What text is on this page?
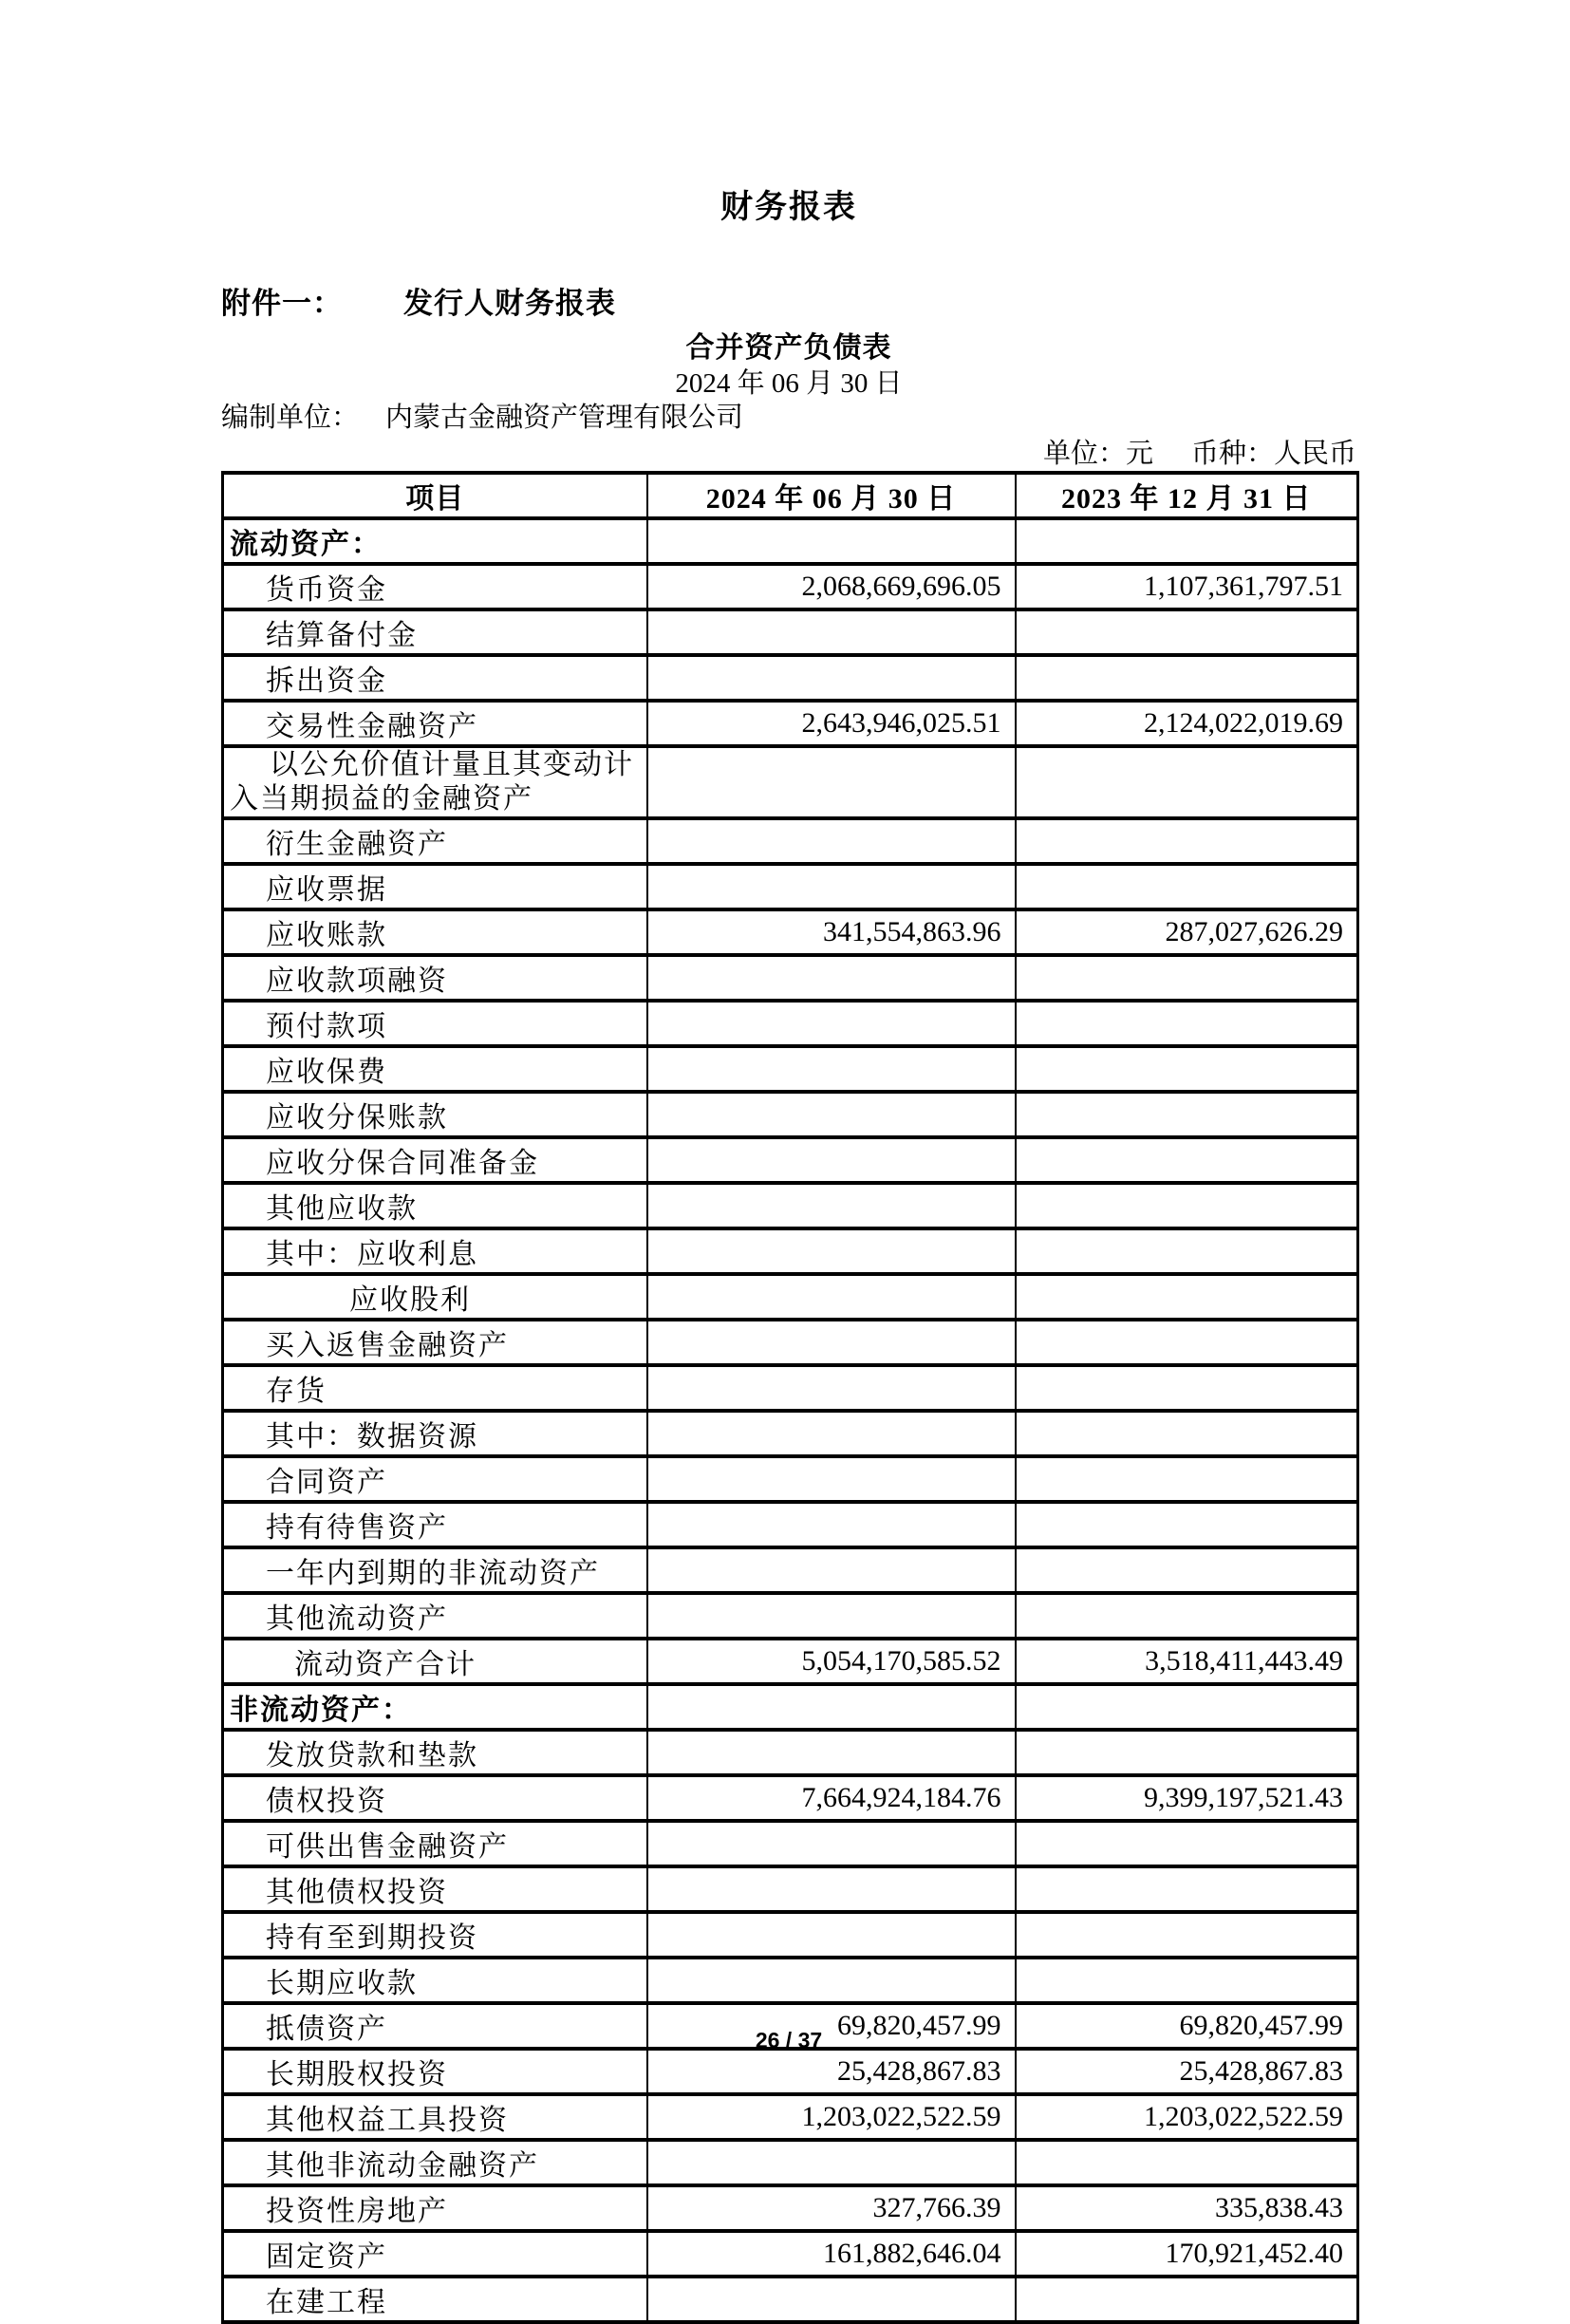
财务报表
附件一： 发行人财务报表
合并资产负债表
2024 年 06 月 30 日
编制单位： 内蒙古金融资产管理有限公司
单位：元 币种：人民币
项目	2024 年 06 月 30 日	2023 年 12 月 31 日
流动资产：		
货币资金	2,068,669,696.05	1,107,361,797.51
结算备付金		
拆出资金		
交易性金融资产	2,643,946,025.51	2,124,022,019.69

以公允价值计量且其变动计
入当期损益的金融资产		

衍生金融资产		
应收票据		
应收账款	341,554,863.96	287,027,626.29
应收款项融资		
预付款项		
应收保费		
应收分保账款		
应收分保合同准备金		
其他应收款		
其中：应收利息		
应收股利		
买入返售金融资产		
存货		
其中：数据资源		
合同资产		
持有待售资产		
一年内到期的非流动资产		
其他流动资产		
流动资产合计	5,054,170,585.52	3,518,411,443.49
非流动资产：		
发放贷款和垫款		
债权投资	7,664,924,184.76	9,399,197,521.43
可供出售金融资产		
其他债权投资		
持有至到期投资		
长期应收款		
抵债资产	69,820,457.99	69,820,457.99
长期股权投资	25,428,867.83	25,428,867.83
其他权益工具投资	1,203,022,522.59	1,203,022,522.59
其他非流动金融资产		
投资性房地产	327,766.39	335,838.43
固定资产	161,882,646.04	170,921,452.40
在建工程		
26 / 37
